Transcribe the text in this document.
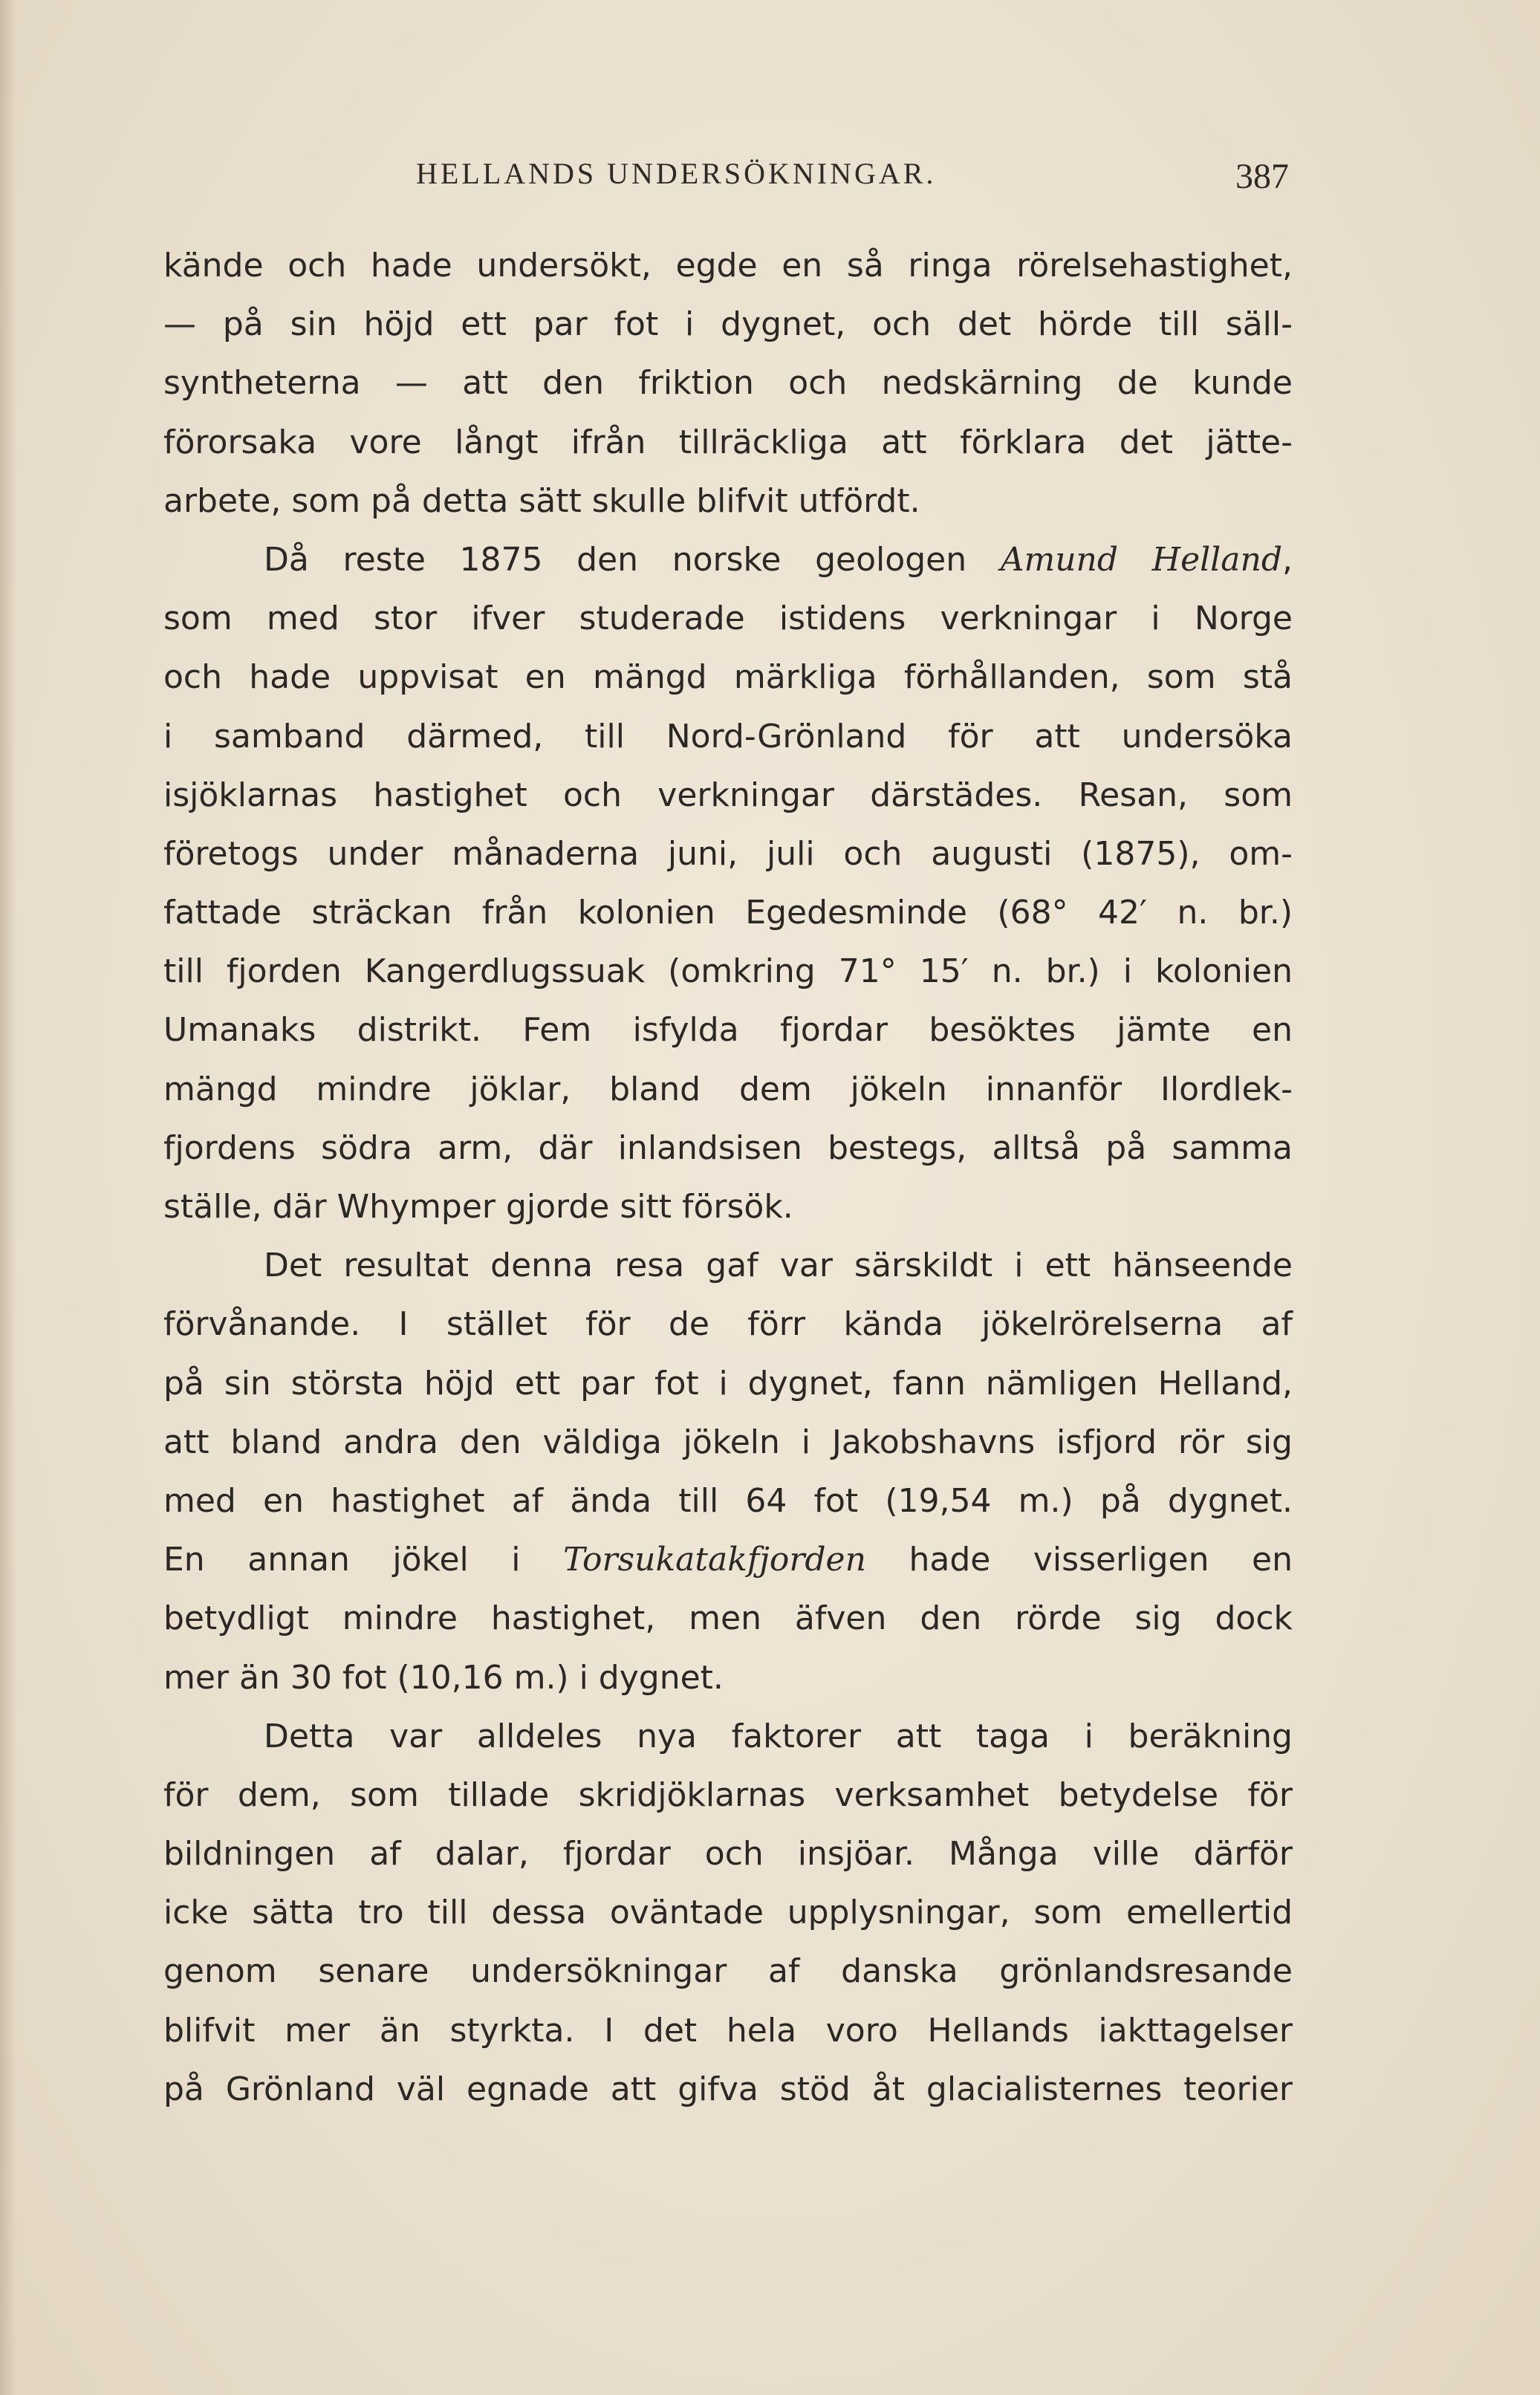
HELLANDS UNDERSÖKNINGAR.	387
kände och hade undersökt, egde en så ringa rörelsehastighet,
— på sin höjd ett par fot i dygnet, och det hörde till säll-
syntheterna — att den friktion och nedskärning de kunde
förorsaka vore långt ifrån tillräckliga att förklara det jätte-
arbete, som på detta sätt skulle blifvit utfördt.
Då reste 1875 den norske geologen Amund Helland,
som med stor ifver studerade istidens verkningar i Norge
och hade uppvisat en mängd märkliga förhållanden, som stå
i samband därmed, till Nord-Grönland för att undersöka
isjöklarnas hastighet och verkningar därstädes. Resan, som
företogs under månaderna juni, juli och augusti (1875), om-
fattade sträckan från kolonien Egedesminde (68° 42′ n. br.)
till fjorden Kangerdlugssuak (omkring 71° 15′ n. br.) i kolonien
Umanaks distrikt. Fem isfylda fjordar besöktes jämte en
mängd mindre jöklar, bland dem jökeln innanför Ilordlek-
fjordens södra arm, där inlandsisen bestegs, alltså på samma
ställe, där Whymper gjorde sitt försök.
Det resultat denna resa gaf var särskildt i ett hänseende
förvånande. I stället för de förr kända jökelrörelserna af
på sin största höjd ett par fot i dygnet, fann nämligen Helland,
att bland andra den väldiga jökeln i Jakobshavns isfjord rör sig
med en hastighet af ända till 64 fot (19,54 m.) på dygnet.
En annan jökel i Torsukatakfjorden hade visserligen en
betydligt mindre hastighet, men äfven den rörde sig dock
mer än 30 fot (10,16 m.) i dygnet.
Detta var alldeles nya faktorer att taga i beräkning
för dem, som tillade skridjöklarnas verksamhet betydelse för
bildningen af dalar, fjordar och insjöar. Många ville därför
icke sätta tro till dessa oväntade upplysningar, som emellertid
genom senare undersökningar af danska grönlandsresande
blifvit mer än styrkta. I det hela voro Hellands iakttagelser
på Grönland väl egnade att gifva stöd åt glacialisternes teorier
